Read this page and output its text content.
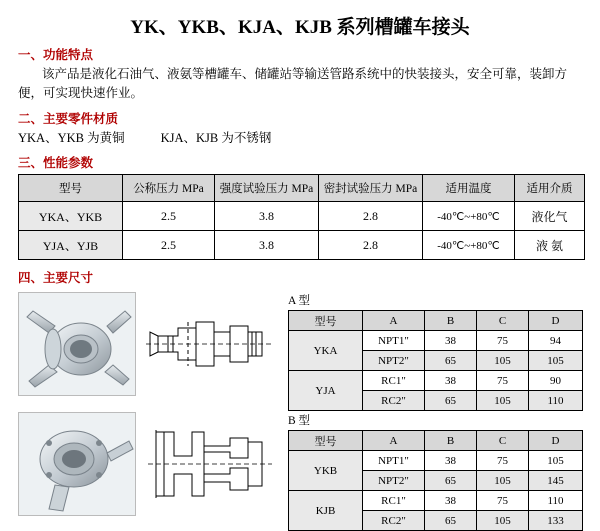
YK、YKB、KJA、KJB 系列槽罐车接头
一、功能特点
该产品是液化石油气、液氨等槽罐车、储罐站等输送管路系统中的快装接头，安全可靠，装卸方便，可实现快速作业。
二、主要零件材质
YKA、YKB 为黄铜	KJA、KJB 为不锈钢
三、性能参数
型号	公称压力 MPa	强度试验压力 MPa	密封试验压力 MPa	适用温度	适用介质
YKA、YKB	2.5	3.8	2.8	-40℃~+80℃	液化气
YJA、YJB	2.5	3.8	2.8	-40℃~+80℃	液 氨
四、主要尺寸

A 型
型号	A	B	C	D
YKA	NPT1"	38	75	94
	NPT2"	65	105	105
YJA	RC1"	38	75	90
	RC2"	65	105	110

B 型
型号	A	B	C	D
YKB	NPT1"	38	75	105
	NPT2"	65	105	145
KJB	RC1"	38	75	110
	RC2"	65	105	133
